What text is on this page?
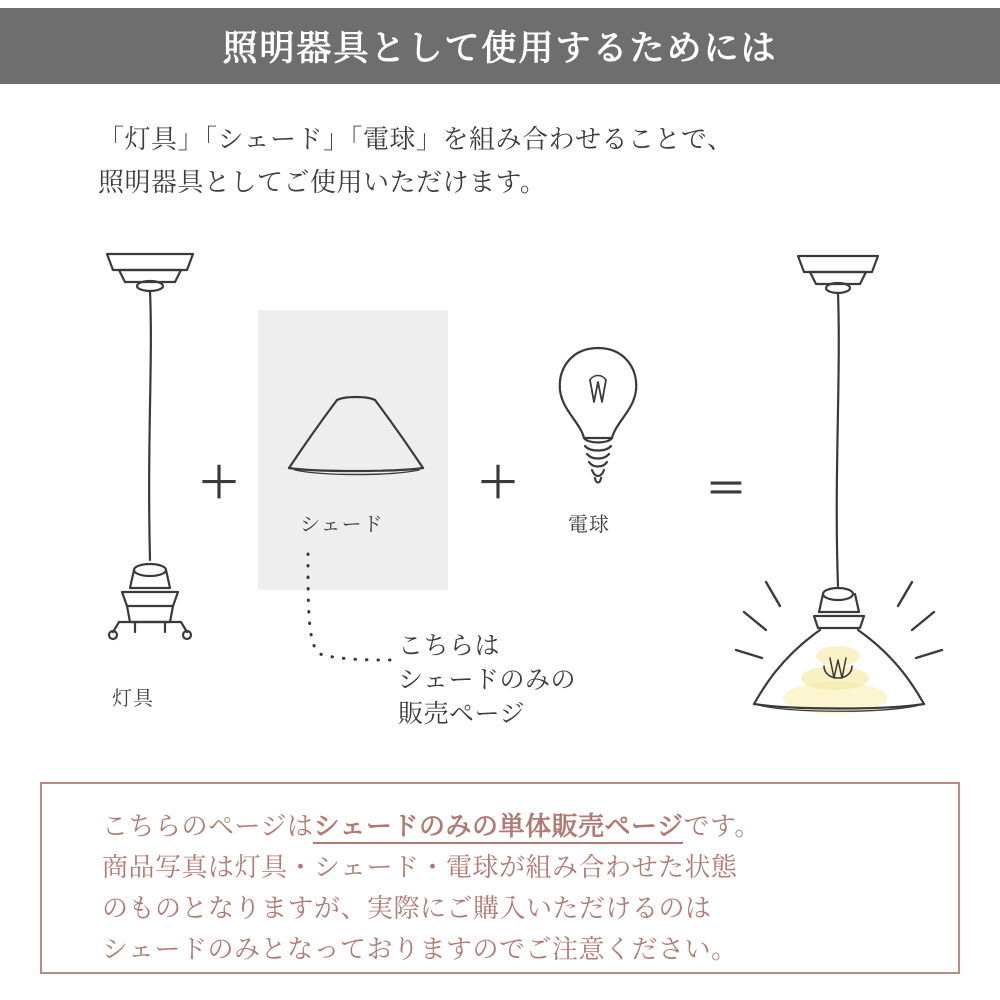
照明器具として使用するためには
「灯具」「シェード」「電球」を組み合わせることで、
照明器具としてご使用いただけます。
灯具
＋
シェード
＋
電球
＝
こちらは
シェードのみの
販売ページ
こちらのページはシェードのみの単体販売ページです。
商品写真は灯具・シェード・電球が組み合わせた状態
のものとなりますが、実際にご購入いただけるのは
シェードのみとなっておりますのでご注意ください。
